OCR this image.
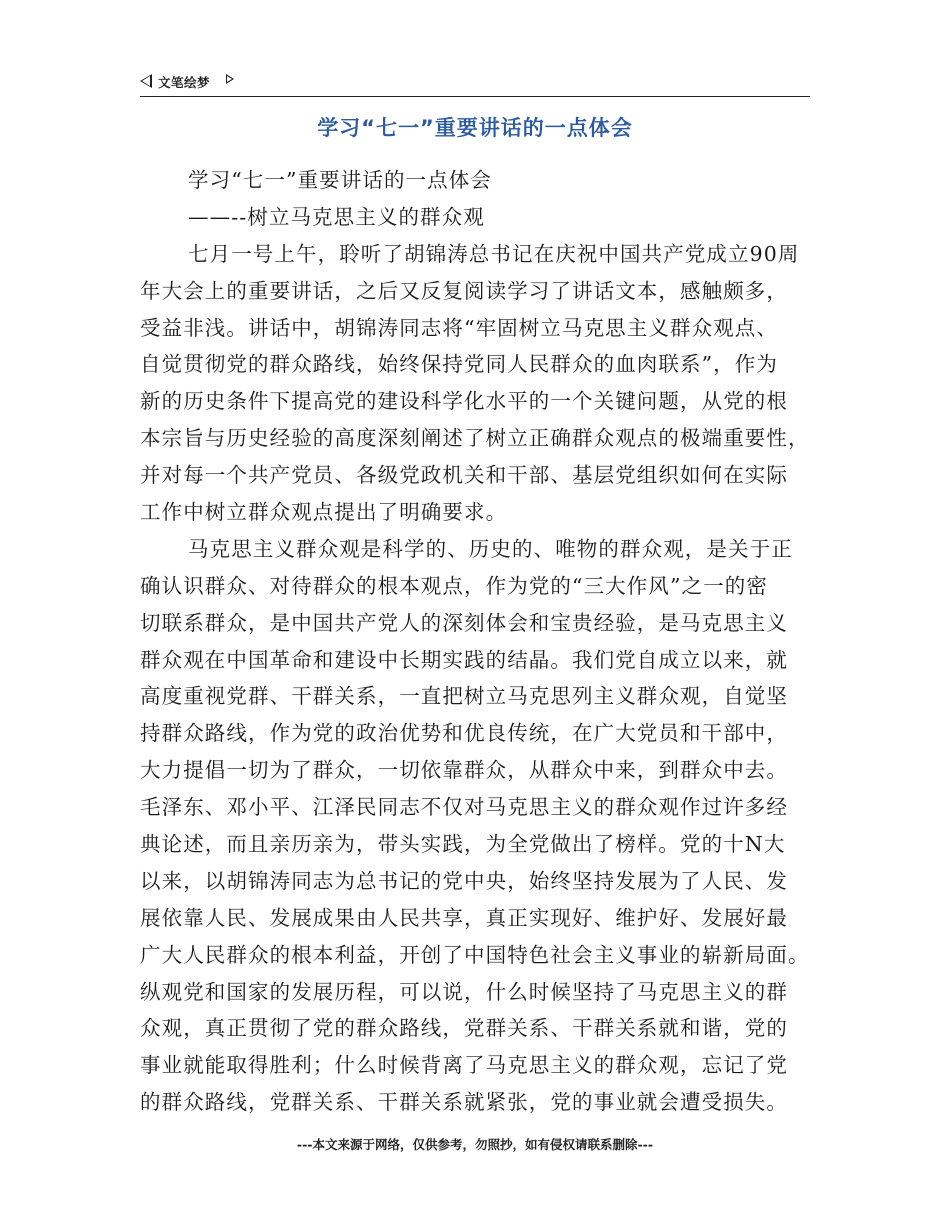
文笔绘梦
学习“七一”重要讲话的一点体会
学习“七一”重要讲话的一点体会
——--树立马克思主义的群众观
七月一号上午，聆听了胡锦涛总书记在庆祝中国共产党成立90周
年大会上的重要讲话，之后又反复阅读学习了讲话文本，感触颇多，
受益非浅。讲话中，胡锦涛同志将“牢固树立马克思主义群众观点、
自觉贯彻党的群众路线，始终保持党同人民群众的血肉联系”，作为
新的历史条件下提高党的建设科学化水平的一个关键问题，从党的根
本宗旨与历史经验的高度深刻阐述了树立正确群众观点的极端重要性，
并对每一个共产党员、各级党政机关和干部、基层党组织如何在实际
工作中树立群众观点提出了明确要求。
马克思主义群众观是科学的、历史的、唯物的群众观，是关于正
确认识群众、对待群众的根本观点，作为党的“三大作风”之一的密
切联系群众，是中国共产党人的深刻体会和宝贵经验，是马克思主义
群众观在中国革命和建设中长期实践的结晶。我们党自成立以来，就
高度重视党群、干群关系，一直把树立马克思列主义群众观，自觉坚
持群众路线，作为党的政治优势和优良传统，在广大党员和干部中，
大力提倡一切为了群众，一切依靠群众，从群众中来，到群众中去。
毛泽东、邓小平、江泽民同志不仅对马克思主义的群众观作过许多经
典论述，而且亲历亲为，带头实践，为全党做出了榜样。党的十N大
以来，以胡锦涛同志为总书记的党中央，始终坚持发展为了人民、发
展依靠人民、发展成果由人民共享，真正实现好、维护好、发展好最
广大人民群众的根本利益，开创了中国特色社会主义事业的崭新局面。
纵观党和国家的发展历程，可以说，什么时候坚持了马克思主义的群
众观，真正贯彻了党的群众路线，党群关系、干群关系就和谐，党的
事业就能取得胜利；什么时候背离了马克思主义的群众观，忘记了党
的群众路线，党群关系、干群关系就紧张，党的事业就会遭受损失。
---本文来源于网络，仅供参考，勿照抄，如有侵权请联系删除---
